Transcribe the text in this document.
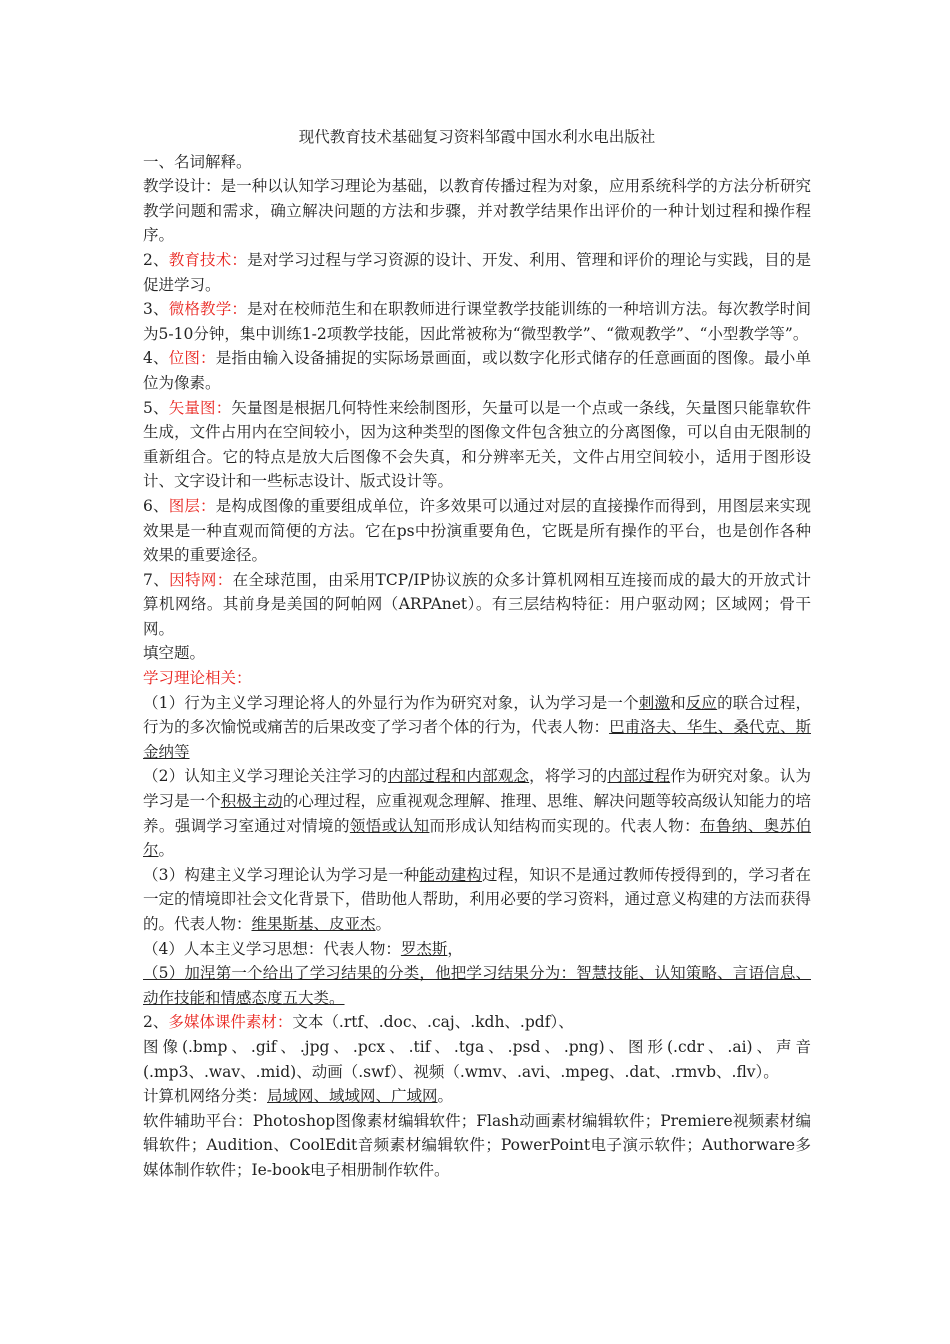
现代教育技术基础复习资料邹霞中国水利水电出版社

一、名词解释。

教学设计：是一种以认知学习理论为基础，以教育传播过程为对象，应用系统科学的方法分析研究教学问题和需求，确立解决问题的方法和步骤，并对教学结果作出评价的一种计划过程和操作程序。

2、教育技术：是对学习过程与学习资源的设计、开发、利用、管理和评价的理论与实践，目的是促进学习。

3、微格教学：是对在校师范生和在职教师进行课堂教学技能训练的一种培训方法。每次教学时间为5-10分钟，集中训练1-2项教学技能，因此常被称为“微型教学”、“微观教学”、“小型教学等”。

4、位图：是指由输入设备捕捉的实际场景画面，或以数字化形式储存的任意画面的图像。最小单位为像素。

5、矢量图：矢量图是根据几何特性来绘制图形，矢量可以是一个点或一条线，矢量图只能靠软件生成，文件占用内在空间较小，因为这种类型的图像文件包含独立的分离图像，可以自由无限制的重新组合。它的特点是放大后图像不会失真，和分辨率无关，文件占用空间较小，适用于图形设计、文字设计和一些标志设计、版式设计等。

6、图层：是构成图像的重要组成单位，许多效果可以通过对层的直接操作而得到，用图层来实现效果是一种直观而简便的方法。它在ps中扮演重要角色，它既是所有操作的平台，也是创作各种效果的重要途径。

7、因特网：在全球范围，由采用TCP/IP协议族的众多计算机网相互连接而成的最大的开放式计算机网络。其前身是美国的阿帕网（ARPAnet）。有三层结构特征：用户驱动网；区域网；骨干网。

填空题。

学习理论相关：

（1）行为主义学习理论将人的外显行为作为研究对象，认为学习是一个刺激和反应的联合过程，行为的多次愉悦或痛苦的后果改变了学习者个体的行为，代表人物：巴甫洛夫、华生、桑代克、斯金纳等

（2）认知主义学习理论关注学习的内部过程和内部观念，将学习的内部过程作为研究对象。认为学习是一个积极主动的心理过程，应重视观念理解、推理、思维、解决问题等较高级认知能力的培养。强调学习室通过对情境的领悟或认知而形成认知结构而实现的。代表人物：布鲁纳、奥苏伯尔。

（3）构建主义学习理论认为学习是一种能动建构过程，知识不是通过教师传授得到的，学习者在一定的情境即社会文化背景下，借助他人帮助，利用必要的学习资料，通过意义构建的方法而获得的。代表人物：维果斯基、皮亚杰。

（4）人本主义学习思想：代表人物：罗杰斯，

（5）加涅第一个给出了学习结果的分类，他把学习结果分为：智慧技能、认知策略、言语信息、动作技能和情感态度五大类。

2、多媒体课件素材：文本（.rtf、.doc、.caj、.kdh、.pdf）、

图像(.bmp、.gif、.jpg、.pcx、.tif、.tga、.psd、.png)、图形(.cdr、.ai)、声音(.mp3、.wav、.mid)、动画（.swf）、视频（.wmv、.avi、.mpeg、.dat、.rmvb、.flv）。

计算机网络分类：局域网、域域网、广域网。

软件辅助平台：Photoshop图像素材编辑软件；Flash动画素材编辑软件；Premiere视频素材编辑软件；Audition、CoolEdit音频素材编辑软件；PowerPoint电子演示软件；Authorware多媒体制作软件；Ie-book电子相册制作软件。
